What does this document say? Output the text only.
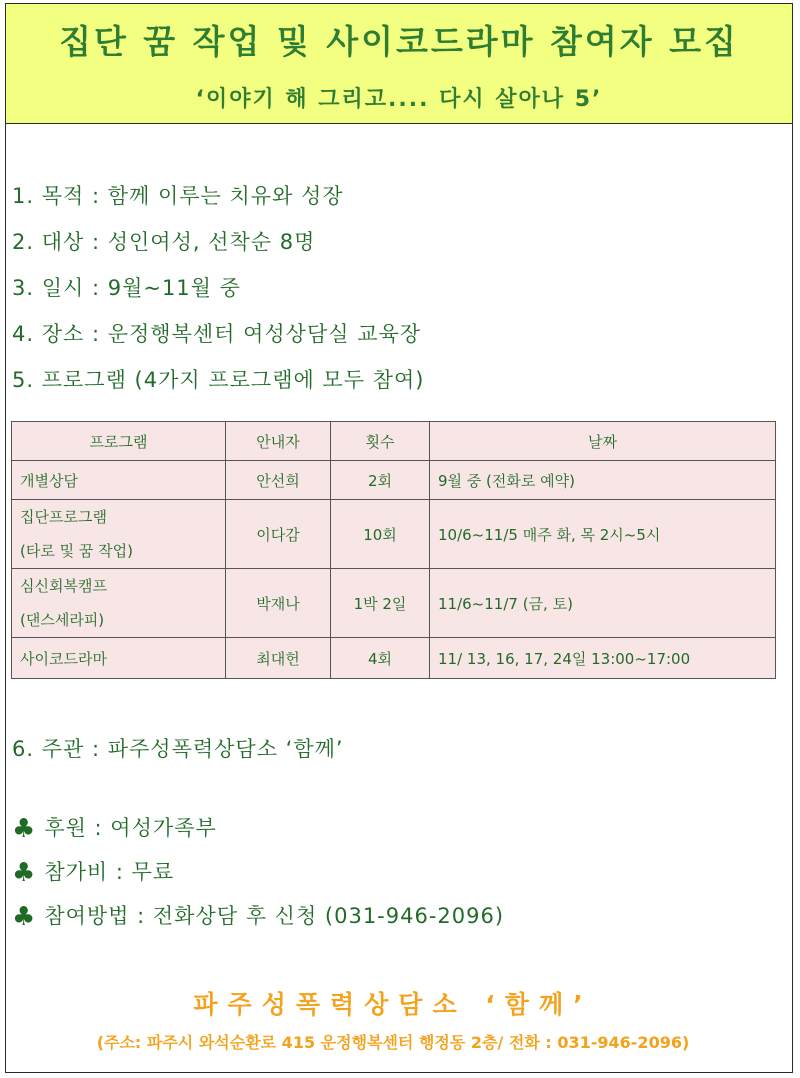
집단 꿈 작업 및 사이코드라마 참여자 모집
‘이야기 해 그리고.... 다시 살아나 5’
1. 목적 : 함께 이루는 치유와 성장
2. 대상 : 성인여성, 선착순 8명
3. 일시 : 9월~11월 중
4. 장소 : 운정행복센터 여성상담실 교육장
5. 프로그램 (4가지 프로그램에 모두 참여)
프로그램	안내자	횟수	날짜
개별상담	안선희	2회	9월 중 (전화로 예약)

집단프로그램
(타로 및 꿈 작업)	이다감	10회	10/6~11/5 매주 화, 목 2시~5시

심신회복캠프
(댄스세라피)	박재나	1박 2일	11/6~11/7 (금, 토)
사이코드라마	최대헌	4회	11/ 13, 16, 17, 24일 13:00~17:00
6. 주관 : 파주성폭력상담소 ‘함께’
♣ 후원 : 여성가족부
♣ 참가비 : 무료
♣ 참여방법 : 전화상담 후 신청 (031-946-2096)
파주성폭력상담소 ‘함께’
(주소: 파주시 와석순환로 415 운정행복센터 행정동 2층/ 전화 : 031-946-2096)
